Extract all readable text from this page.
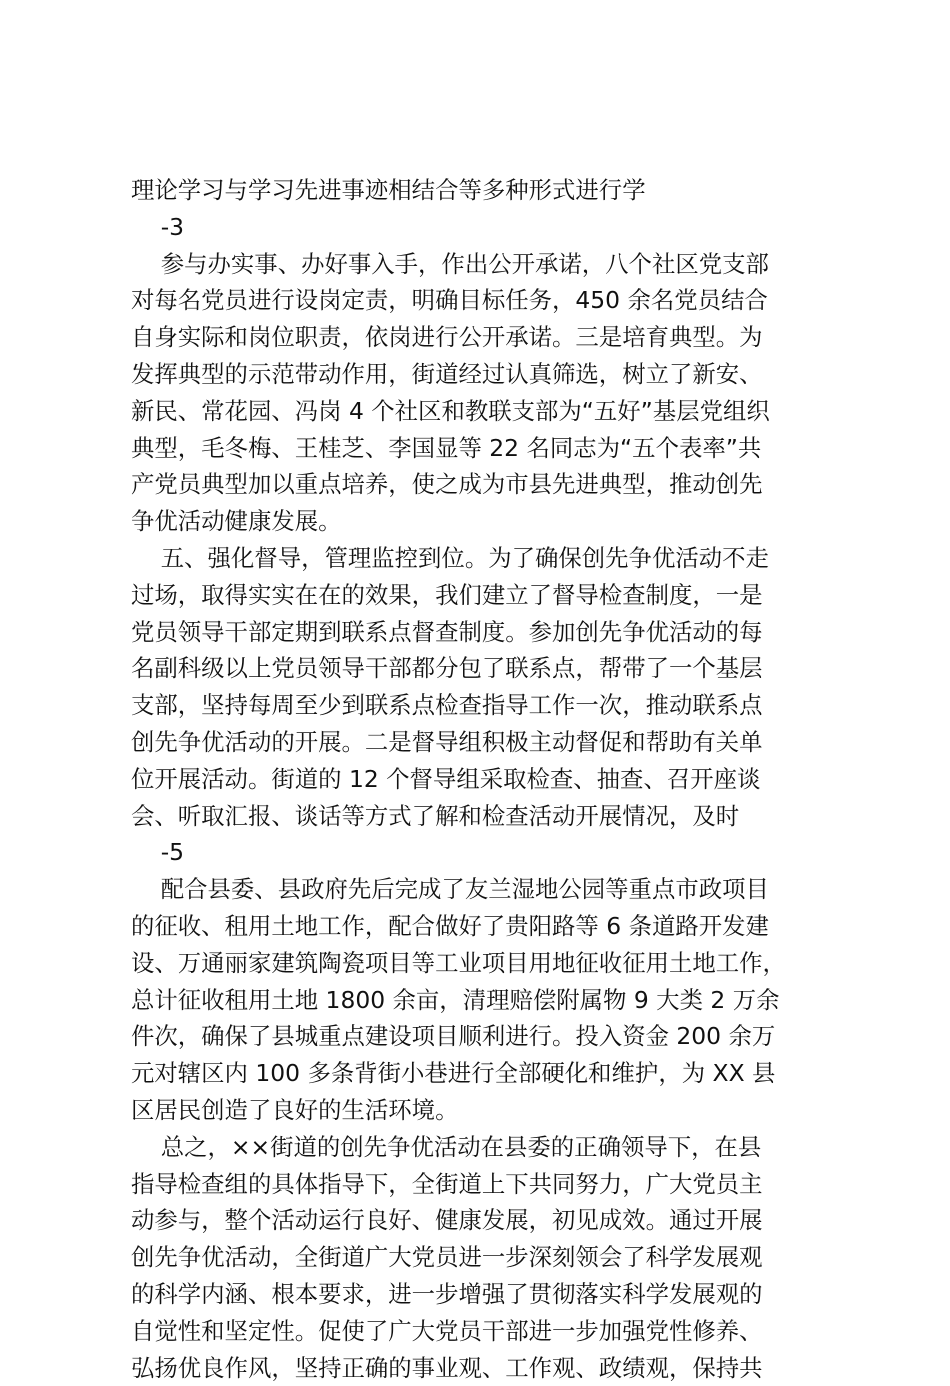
理论学习与学习先进事迹相结合等多种形式进行学
-3
参与办实事、办好事入手，作出公开承诺，八个社区党支部
对每名党员进行设岗定责，明确目标任务，450 余名党员结合
自身实际和岗位职责，依岗进行公开承诺。三是培育典型。为
发挥典型的示范带动作用，街道经过认真筛选，树立了新安、
新民、常花园、冯岗 4 个社区和教联支部为“五好”基层党组织
典型，毛冬梅、王桂芝、李国显等 22 名同志为“五个表率”共
产党员典型加以重点培养，使之成为市县先进典型，推动创先
争优活动健康发展。
五、强化督导，管理监控到位。为了确保创先争优活动不走
过场，取得实实在在的效果，我们建立了督导检查制度，一是
党员领导干部定期到联系点督查制度。参加创先争优活动的每
名副科级以上党员领导干部都分包了联系点，帮带了一个基层
支部，坚持每周至少到联系点检查指导工作一次，推动联系点
创先争优活动的开展。二是督导组积极主动督促和帮助有关单
位开展活动。街道的 12 个督导组采取检查、抽查、召开座谈
会、听取汇报、谈话等方式了解和检查活动开展情况，及时
-5
配合县委、县政府先后完成了友兰湿地公园等重点市政项目
的征收、租用土地工作，配合做好了贵阳路等 6 条道路开发建
设、万通丽家建筑陶瓷项目等工业项目用地征收征用土地工作，
总计征收租用土地 1800 余亩，清理赔偿附属物 9 大类 2 万余
件次，确保了县城重点建设项目顺利进行。投入资金 200 余万
元对辖区内 100 多条背街小巷进行全部硬化和维护，为 XX 县
区居民创造了良好的生活环境。
总之，××街道的创先争优活动在县委的正确领导下，在县
指导检查组的具体指导下，全街道上下共同努力，广大党员主
动参与，整个活动运行良好、健康发展，初见成效。通过开展
创先争优活动，全街道广大党员进一步深刻领会了科学发展观
的科学内涵、根本要求，进一步增强了贯彻落实科学发展观的
自觉性和坚定性。促使了广大党员干部进一步加强党性修养、
弘扬优良作风，坚持正确的事业观、工作观、政绩观，保持共
